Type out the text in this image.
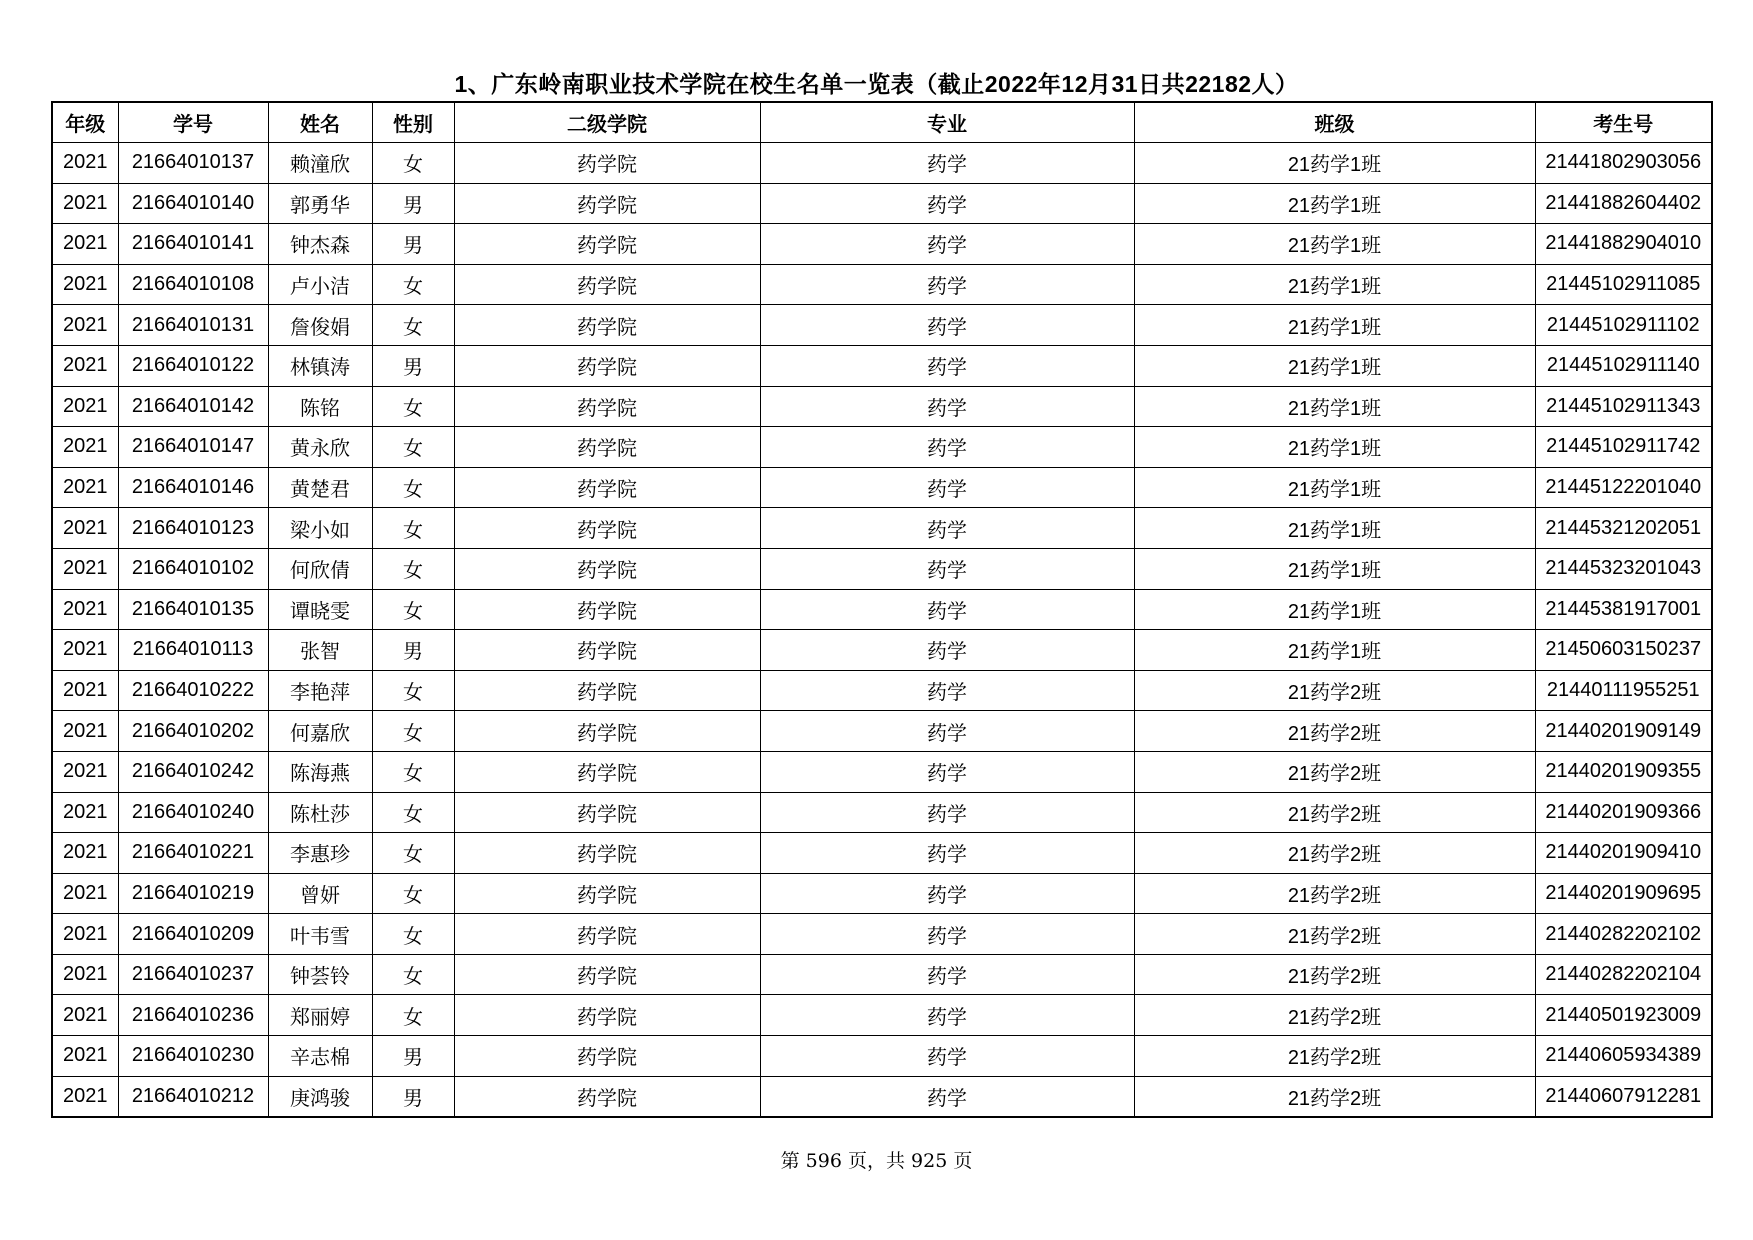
1、广东岭南职业技术学院在校生名单一览表（截止2022年12月31日共22182人）
年级	学号	姓名	性别	二级学院	专业	班级	考生号
2021	21664010137	赖潼欣	女	药学院	药学	21药学1班	21441802903056
2021	21664010140	郭勇华	男	药学院	药学	21药学1班	21441882604402
2021	21664010141	钟杰森	男	药学院	药学	21药学1班	21441882904010
2021	21664010108	卢小洁	女	药学院	药学	21药学1班	21445102911085
2021	21664010131	詹俊娟	女	药学院	药学	21药学1班	21445102911102
2021	21664010122	林镇涛	男	药学院	药学	21药学1班	21445102911140
2021	21664010142	陈铭	女	药学院	药学	21药学1班	21445102911343
2021	21664010147	黄永欣	女	药学院	药学	21药学1班	21445102911742
2021	21664010146	黄楚君	女	药学院	药学	21药学1班	21445122201040
2021	21664010123	梁小如	女	药学院	药学	21药学1班	21445321202051
2021	21664010102	何欣倩	女	药学院	药学	21药学1班	21445323201043
2021	21664010135	谭晓雯	女	药学院	药学	21药学1班	21445381917001
2021	21664010113	张智	男	药学院	药学	21药学1班	21450603150237
2021	21664010222	李艳萍	女	药学院	药学	21药学2班	21440111955251
2021	21664010202	何嘉欣	女	药学院	药学	21药学2班	21440201909149
2021	21664010242	陈海燕	女	药学院	药学	21药学2班	21440201909355
2021	21664010240	陈杜莎	女	药学院	药学	21药学2班	21440201909366
2021	21664010221	李惠珍	女	药学院	药学	21药学2班	21440201909410
2021	21664010219	曾妍	女	药学院	药学	21药学2班	21440201909695
2021	21664010209	叶韦雪	女	药学院	药学	21药学2班	21440282202102
2021	21664010237	钟荟铃	女	药学院	药学	21药学2班	21440282202104
2021	21664010236	郑丽婷	女	药学院	药学	21药学2班	21440501923009
2021	21664010230	辛志棉	男	药学院	药学	21药学2班	21440605934389
2021	21664010212	庚鸿骏	男	药学院	药学	21药学2班	21440607912281
第 596 页，共 925 页
